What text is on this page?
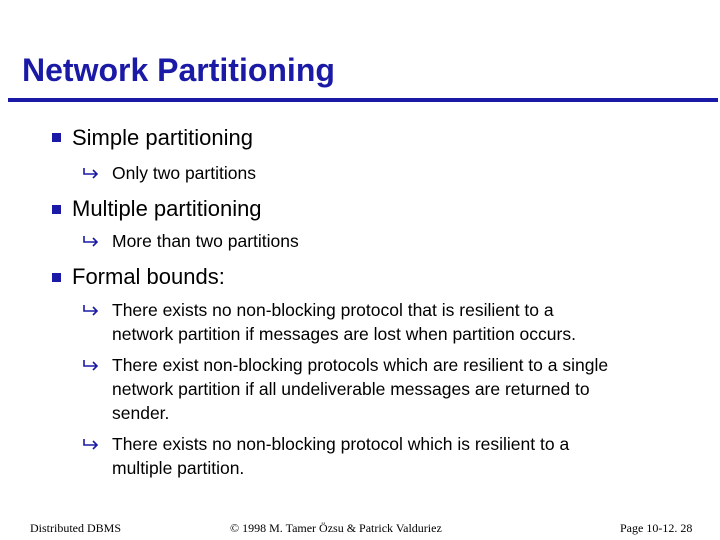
Network Partitioning
Simple partitioning
Only two partitions
Multiple partitioning
More than two partitions
Formal bounds:
There exists no non-blocking protocol that is resilient to a
network partition if messages are lost when partition occurs.
There exist non-blocking protocols which are resilient to a single
network partition if all undeliverable messages are returned to
sender.
There exists no non-blocking protocol which is resilient to a
multiple partition.
Distributed DBMS	© 1998 M. Tamer Özsu & Patrick Valduriez	Page 10-12. 28
